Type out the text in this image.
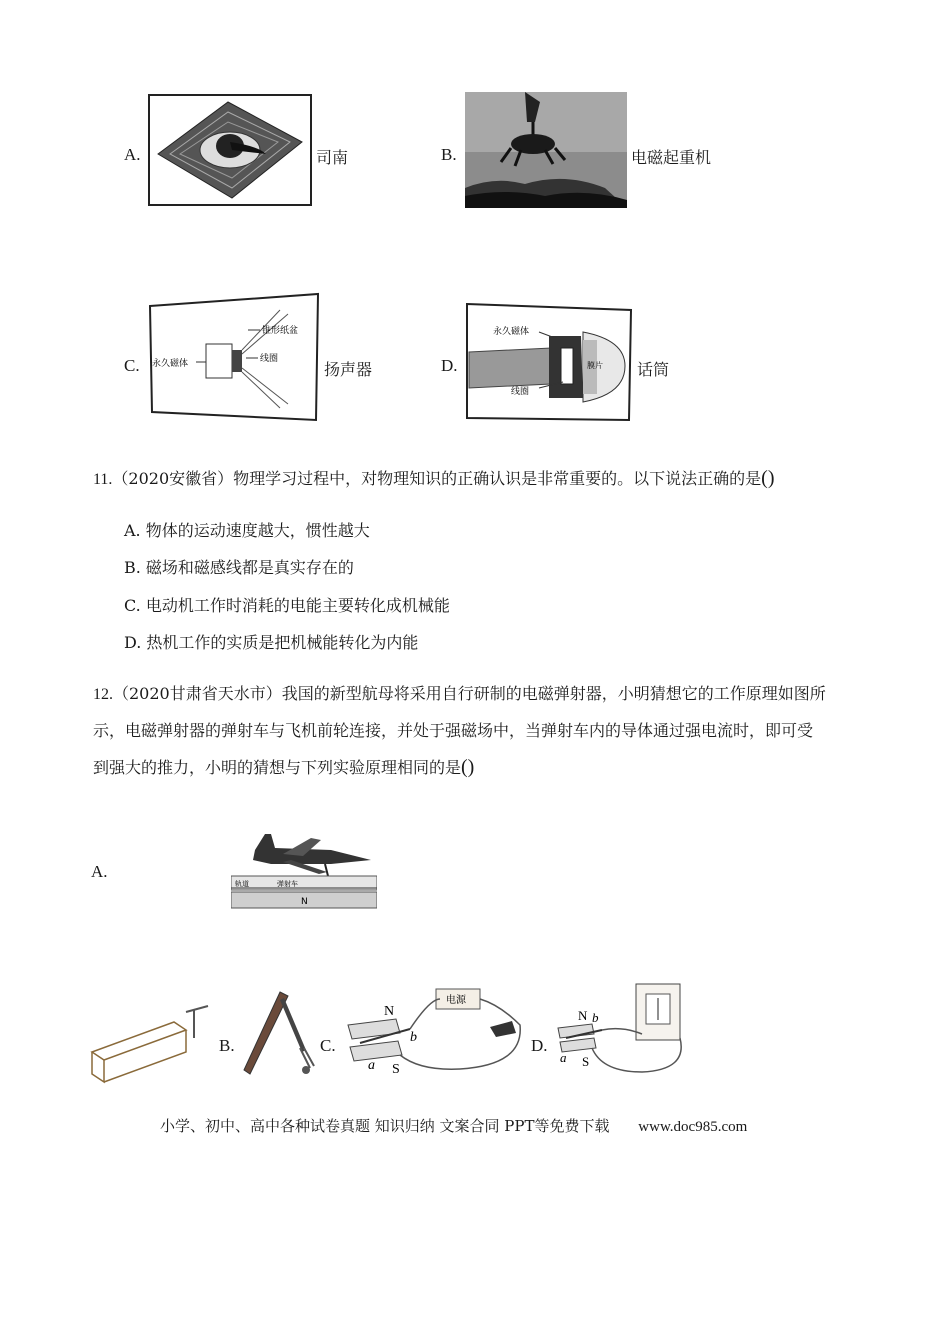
A.	司南	B.	电磁起重机
C. 永久磁体
锥形纸盆
线圈
扬声器	D.
永久磁体
线圈
膜片 话筒
11.（2020安徽省）物理学习过程中，对物理知识的正确认识是非常重要的。以下说法正确的是()
A. 物体的运动速度越大，惯性越大
B. 磁场和磁感线都是真实存在的
C. 电动机工作时消耗的电能主要转化成机械能
D. 热机工作的实质是把机械能转化为内能
12.（2020甘肃省天水市）我国的新型航母将采用自行研制的电磁弹射器，小明猜想它的工作原理如图所
示，电磁弹射器的弹射车与飞机前轮连接，并处于强磁场中，当弹射车内的导体通过强电流时，即可受
到强大的推力，小明的猜想与下列实验原理相同的是()
轨道	弹射车
N
A.
B.	C.
电源
N
S
a
b	D.
N
S
a
b
小学、初中、高中各种试卷真题 知识归纳 文案合同 PPT等免费下载 www.doc985.com
